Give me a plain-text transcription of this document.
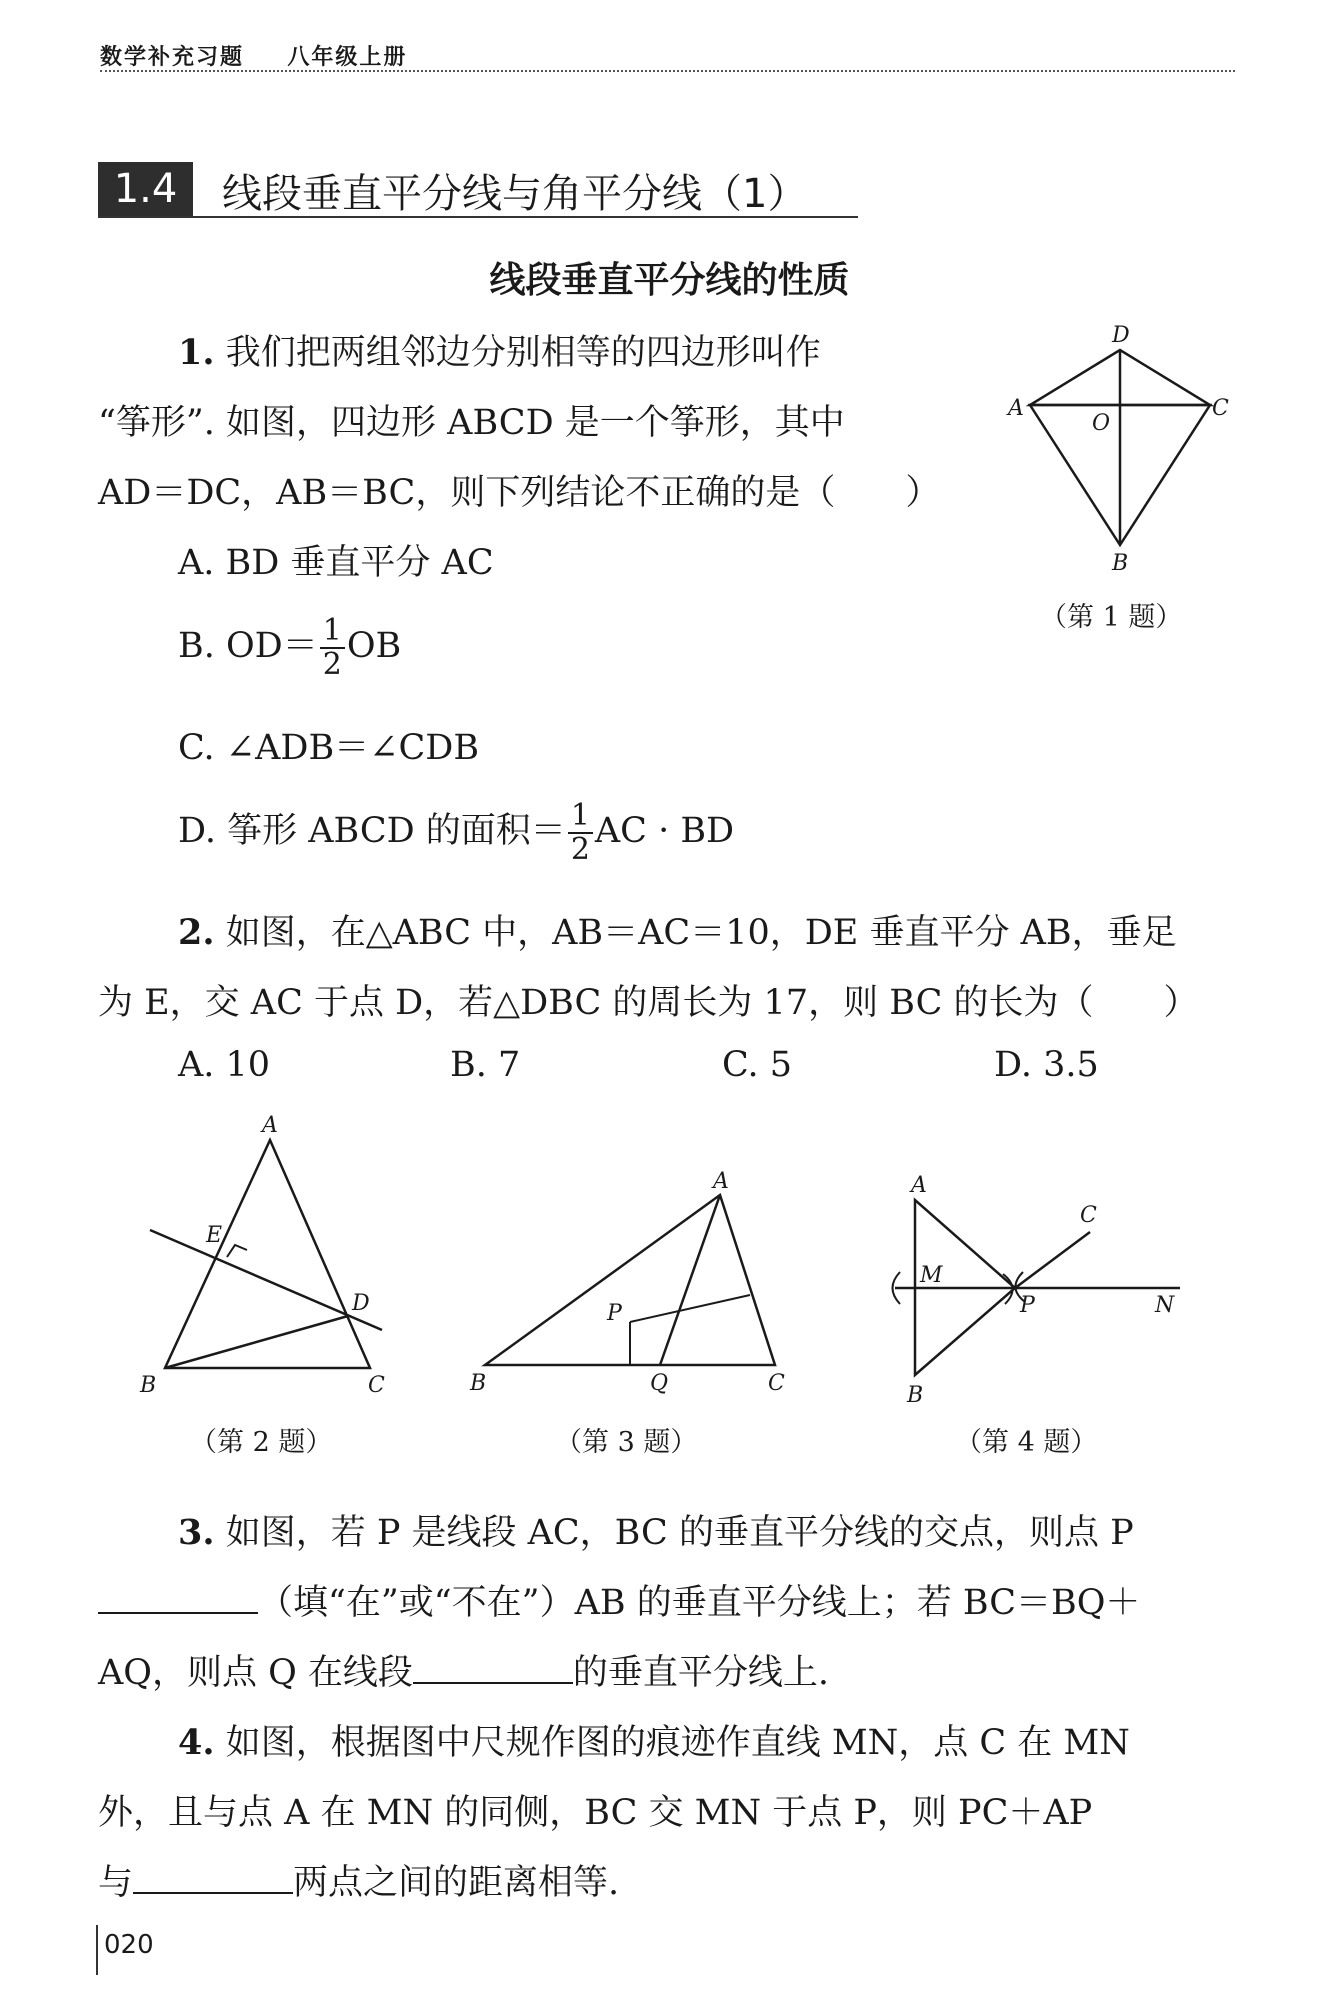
数学补充习题 八年级上册
1.4	线段垂直平分线与角平分线（1）
线段垂直平分线的性质
1. 我们把两组邻边分别相等的四边形叫作
“筝形”. 如图，四边形 ABCD 是一个筝形，其中
AD＝DC，AB＝BC，则下列结论不正确的是（　　）
A. BD 垂直平分 AC
B. $OD= \frac{1}{2}$ OB
C. ∠ADB＝∠CDB
D. 筝形 ABCD 的面积＝ $\frac{1}{2}$ AC · BD
D
A	C
O
B
（第 1 题）
2. 如图，在△ABC 中，AB＝AC＝10，DE 垂直平分 AB，垂足
为 E，交 AC 于点 D，若△DBC 的周长为 17，则 BC 的长为（　　）
A. 10	B. 7	C. 5	D. 3.5
A
E
D
B	C
（第 2 题）
A
P
B	Q	C
（第 3 题）
A
M
P	N
C
B
（第 4 题）
3. 如图，若 P 是线段 AC，BC 的垂直平分线的交点，则点 P
（填“在”或“不在”）AB 的垂直平分线上；若 BC＝BQ＋
AQ，则点 Q 在线段	的垂直平分线上.
4. 如图，根据图中尺规作图的痕迹作直线 MN，点 C 在 MN
外，且与点 A 在 MN 的同侧，BC 交 MN 于点 P，则 PC＋AP
与	两点之间的距离相等.
020
